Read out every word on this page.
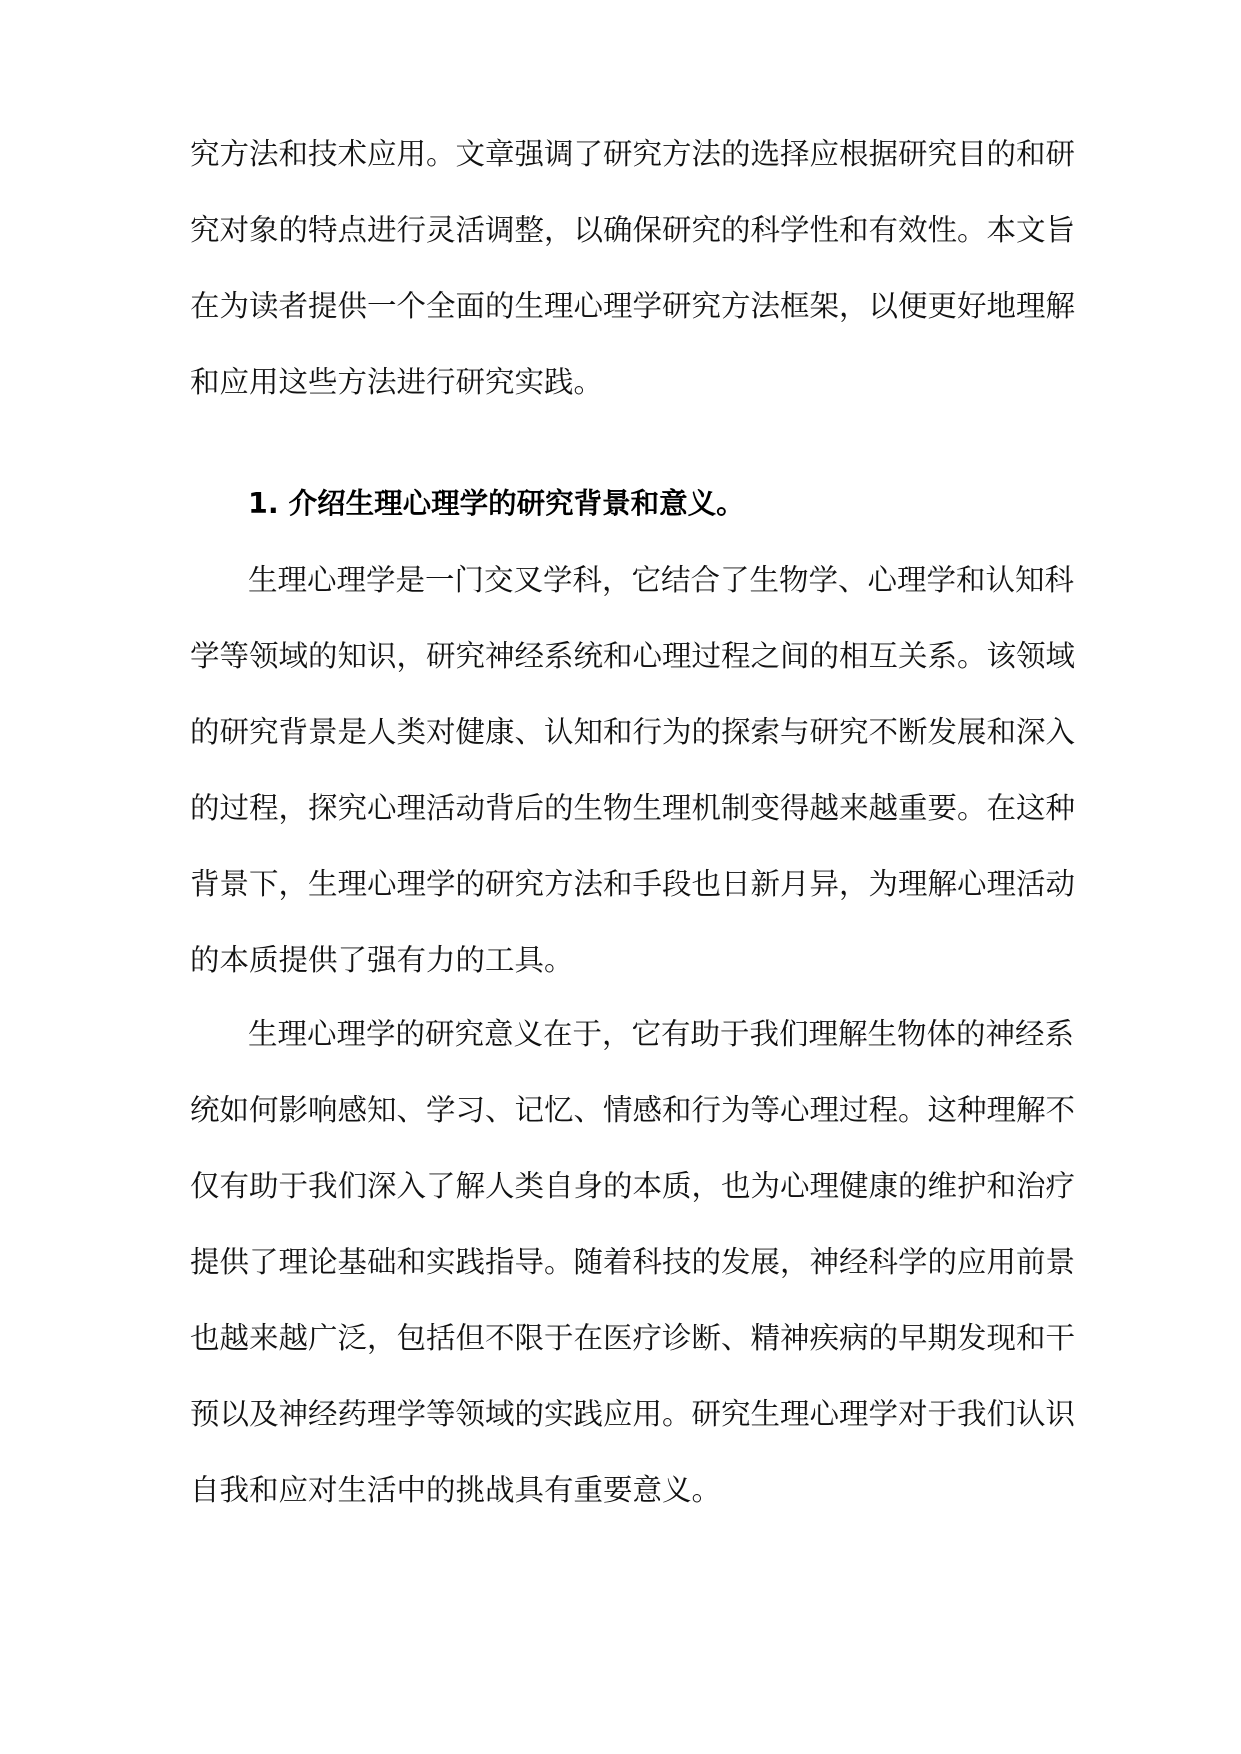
究方法和技术应用。文章强调了研究方法的选择应根据研究目的和研
究对象的特点进行灵活调整，以确保研究的科学性和有效性。本文旨
在为读者提供一个全面的生理心理学研究方法框架，以便更好地理解
和应用这些方法进行研究实践。
1. 介绍生理心理学的研究背景和意义。
生理心理学是一门交叉学科，它结合了生物学、心理学和认知科
学等领域的知识，研究神经系统和心理过程之间的相互关系。该领域
的研究背景是人类对健康、认知和行为的探索与研究不断发展和深入
的过程，探究心理活动背后的生物生理机制变得越来越重要。在这种
背景下，生理心理学的研究方法和手段也日新月异，为理解心理活动
的本质提供了强有力的工具。
生理心理学的研究意义在于，它有助于我们理解生物体的神经系
统如何影响感知、学习、记忆、情感和行为等心理过程。这种理解不
仅有助于我们深入了解人类自身的本质，也为心理健康的维护和治疗
提供了理论基础和实践指导。随着科技的发展，神经科学的应用前景
也越来越广泛，包括但不限于在医疗诊断、精神疾病的早期发现和干
预以及神经药理学等领域的实践应用。研究生理心理学对于我们认识
自我和应对生活中的挑战具有重要意义。
